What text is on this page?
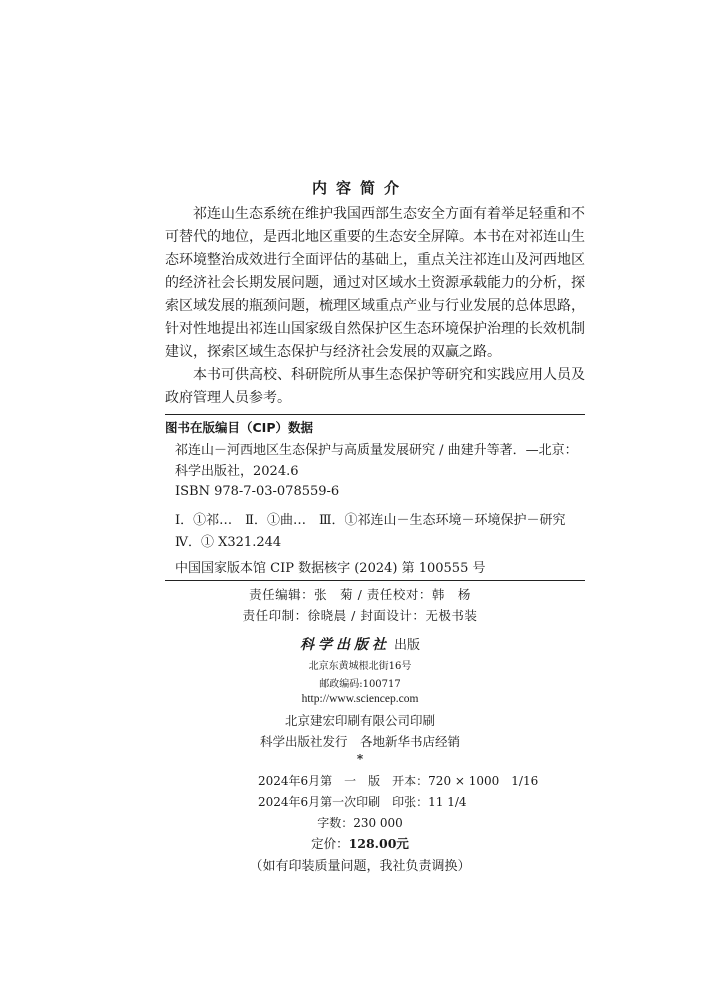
内容简介

祁连山生态系统在维护我国西部生态安全方面有着举足轻重和不可替代的地位，是西北地区重要的生态安全屏障。本书在对祁连山生态环境整治成效进行全面评估的基础上，重点关注祁连山及河西地区的经济社会长期发展问题，通过对区域水土资源承载能力的分析，探索区域发展的瓶颈问题，梳理区域重点产业与行业发展的总体思路，针对性地提出祁连山国家级自然保护区生态环境保护治理的长效机制建议，探索区域生态保护与经济社会发展的双赢之路。

本书可供高校、科研院所从事生态保护等研究和实践应用人员及政府管理人员参考。

图书在版编目（CIP）数据
祁连山－河西地区生态保护与高质量发展研究 / 曲建升等著．—北京：科学出版社，2024.6
ISBN 978-7-03-078559-6
Ⅰ．①祁…　Ⅱ．①曲…　Ⅲ．①祁连山－生态环境－环境保护－研究　Ⅳ．① X321.244
中国国家版本馆 CIP 数据核字 (2024) 第 100555 号
责任编辑：张　菊 / 责任校对：韩　杨
责任印制：徐晓晨 / 封面设计：无极书装
科学出版社 出版
北京东黄城根北街16号
邮政编码:100717
http://www.sciencep.com
北京建宏印刷有限公司印刷
科学出版社发行　各地新华书店经销
*
2024年6月第　一　版　开本：720 × 1000　1/16
2024年6月第一次印刷　印张：11 1/4
字数：230 000
定价：128.00元
（如有印装质量问题，我社负责调换）
